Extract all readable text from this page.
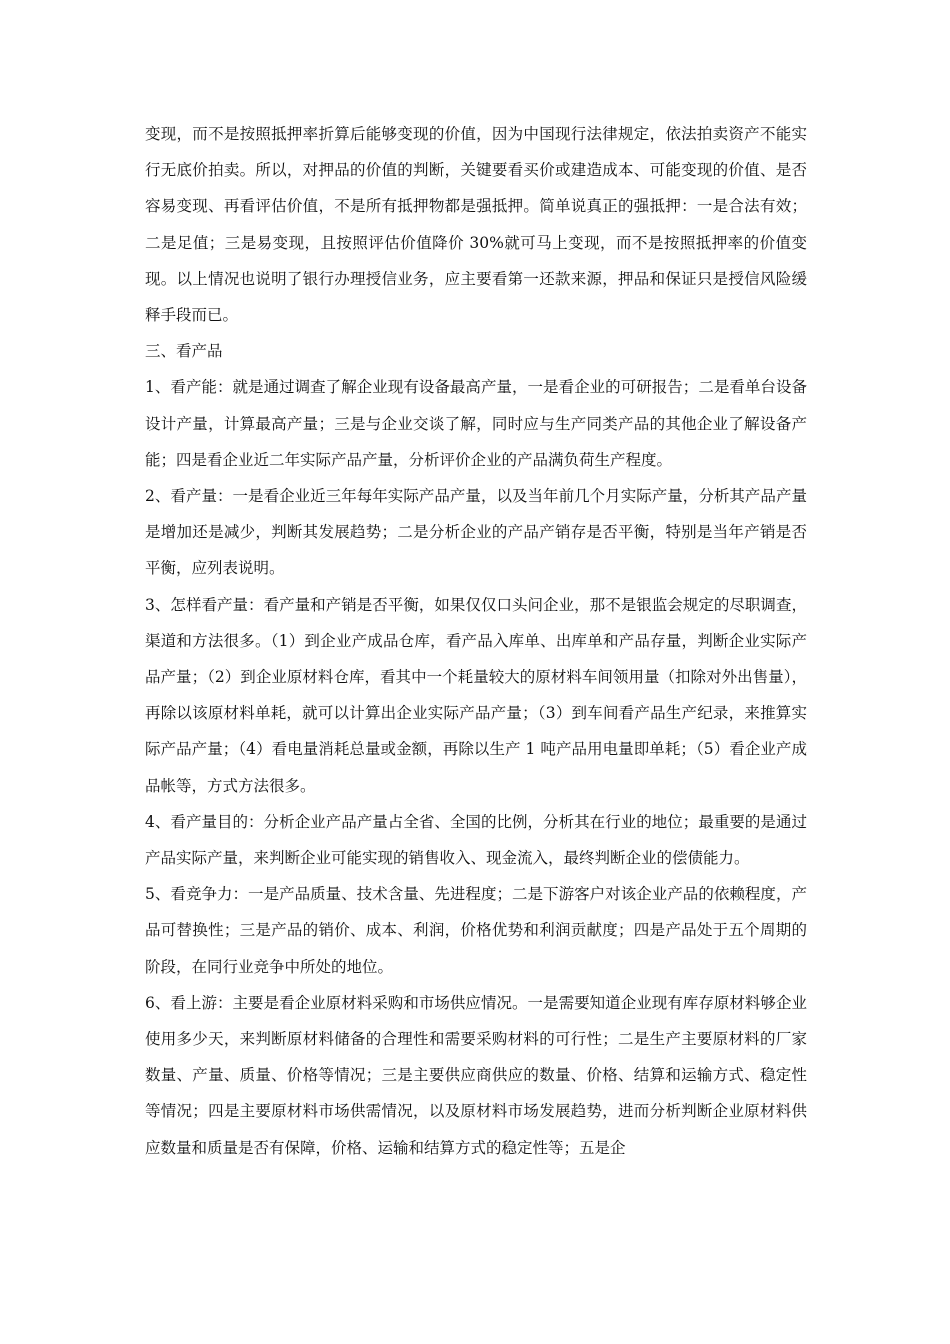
变现，而不是按照抵押率折算后能够变现的价值，因为中国现行法律规定，依法拍卖资产不能实行无底价拍卖。所以，对押品的价值的判断，关键要看买价或建造成本、可能变现的价值、是否容易变现、再看评估价值，不是所有抵押物都是强抵押。简单说真正的强抵押：一是合法有效；二是足值；三是易变现，且按照评估价值降价 30%就可马上变现，而不是按照抵押率的价值变现。以上情况也说明了银行办理授信业务，应主要看第一还款来源，押品和保证只是授信风险缓释手段而已。

三、看产品

1、看产能：就是通过调查了解企业现有设备最高产量，一是看企业的可研报告；二是看单台设备设计产量，计算最高产量；三是与企业交谈了解，同时应与生产同类产品的其他企业了解设备产能；四是看企业近二年实际产品产量，分析评价企业的产品满负荷生产程度。

2、看产量：一是看企业近三年每年实际产品产量，以及当年前几个月实际产量，分析其产品产量是增加还是减少，判断其发展趋势；二是分析企业的产品产销存是否平衡，特别是当年产销是否平衡，应列表说明。

3、怎样看产量：看产量和产销是否平衡，如果仅仅口头问企业，那不是银监会规定的尽职调查，渠道和方法很多。（1）到企业产成品仓库，看产品入库单、出库单和产品存量，判断企业实际产品产量；（2）到企业原材料仓库，看其中一个耗量较大的原材料车间领用量（扣除对外出售量），再除以该原材料单耗，就可以计算出企业实际产品产量；（3）到车间看产品生产纪录，来推算实际产品产量；（4）看电量消耗总量或金额，再除以生产 1 吨产品用电量即单耗；（5）看企业产成品帐等，方式方法很多。

4、看产量目的：分析企业产品产量占全省、全国的比例，分析其在行业的地位；最重要的是通过产品实际产量，来判断企业可能实现的销售收入、现金流入，最终判断企业的偿债能力。

5、看竞争力：一是产品质量、技术含量、先进程度；二是下游客户对该企业产品的依赖程度，产品可替换性；三是产品的销价、成本、利润，价格优势和利润贡献度；四是产品处于五个周期的阶段，在同行业竞争中所处的地位。

6、看上游：主要是看企业原材料采购和市场供应情况。一是需要知道企业现有库存原材料够企业使用多少天，来判断原材料储备的合理性和需要采购材料的可行性；二是生产主要原材料的厂家数量、产量、质量、价格等情况；三是主要供应商供应的数量、价格、结算和运输方式、稳定性等情况；四是主要原材料市场供需情况，以及原材料市场发展趋势，进而分析判断企业原材料供应数量和质量是否有保障，价格、运输和结算方式的稳定性等；五是企
